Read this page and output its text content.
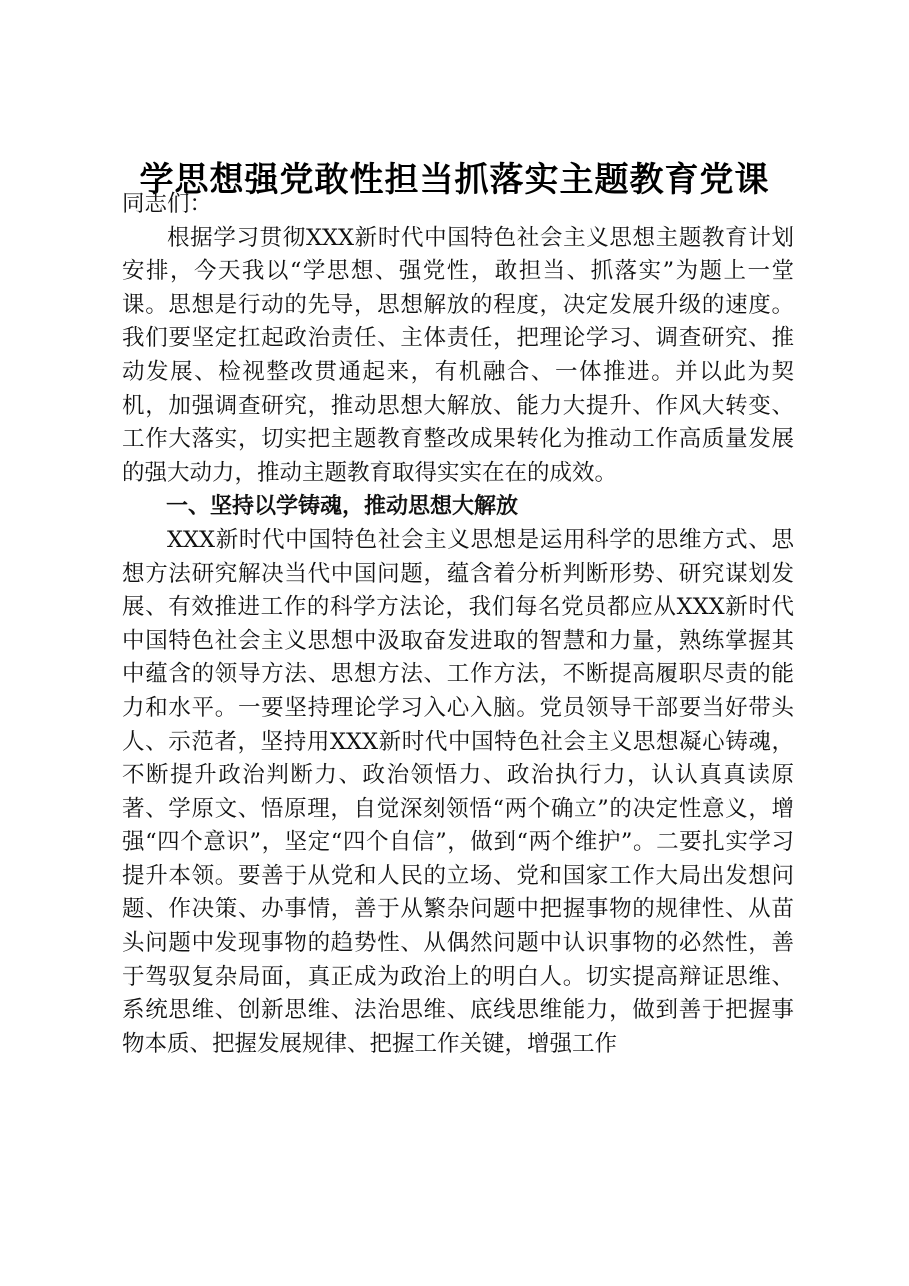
学思想强党敢性担当抓落实主题教育党课

同志们：

根据学习贯彻XXX新时代中国特色社会主义思想主题教育计划安排，今天我以“学思想、强党性，敢担当、抓落实”为题上一堂课。思想是行动的先导，思想解放的程度，决定发展升级的速度。我们要坚定扛起政治责任、主体责任，把理论学习、调查研究、推动发展、检视整改贯通起来，有机融合、一体推进。并以此为契机，加强调查研究，推动思想大解放、能力大提升、作风大转变、工作大落实，切实把主题教育整改成果转化为推动工作高质量发展的强大动力，推动主题教育取得实实在在的成效。

一、坚持以学铸魂，推动思想大解放

XXX新时代中国特色社会主义思想是运用科学的思维方式、思想方法研究解决当代中国问题，蕴含着分析判断形势、研究谋划发展、有效推进工作的科学方法论，我们每名党员都应从XXX新时代中国特色社会主义思想中汲取奋发进取的智慧和力量，熟练掌握其中蕴含的领导方法、思想方法、工作方法，不断提高履职尽责的能力和水平。一要坚持理论学习入心入脑。党员领导干部要当好带头人、示范者，坚持用XXX新时代中国特色社会主义思想凝心铸魂，不断提升政治判断力、政治领悟力、政治执行力，认认真真读原著、学原文、悟原理，自觉深刻领悟“两个确立”的决定性意义，增强“四个意识”，坚定“四个自信”，做到“两个维护”。二要扎实学习提升本领。要善于从党和人民的立场、党和国家工作大局出发想问题、作决策、办事情，善于从繁杂问题中把握事物的规律性、从苗头问题中发现事物的趋势性、从偶然问题中认识事物的必然性，善于驾驭复杂局面，真正成为政治上的明白人。切实提高辩证思维、系统思维、创新思维、法治思维、底线思维能力，做到善于把握事物本质、把握发展规律、把握工作关键，增强工作
